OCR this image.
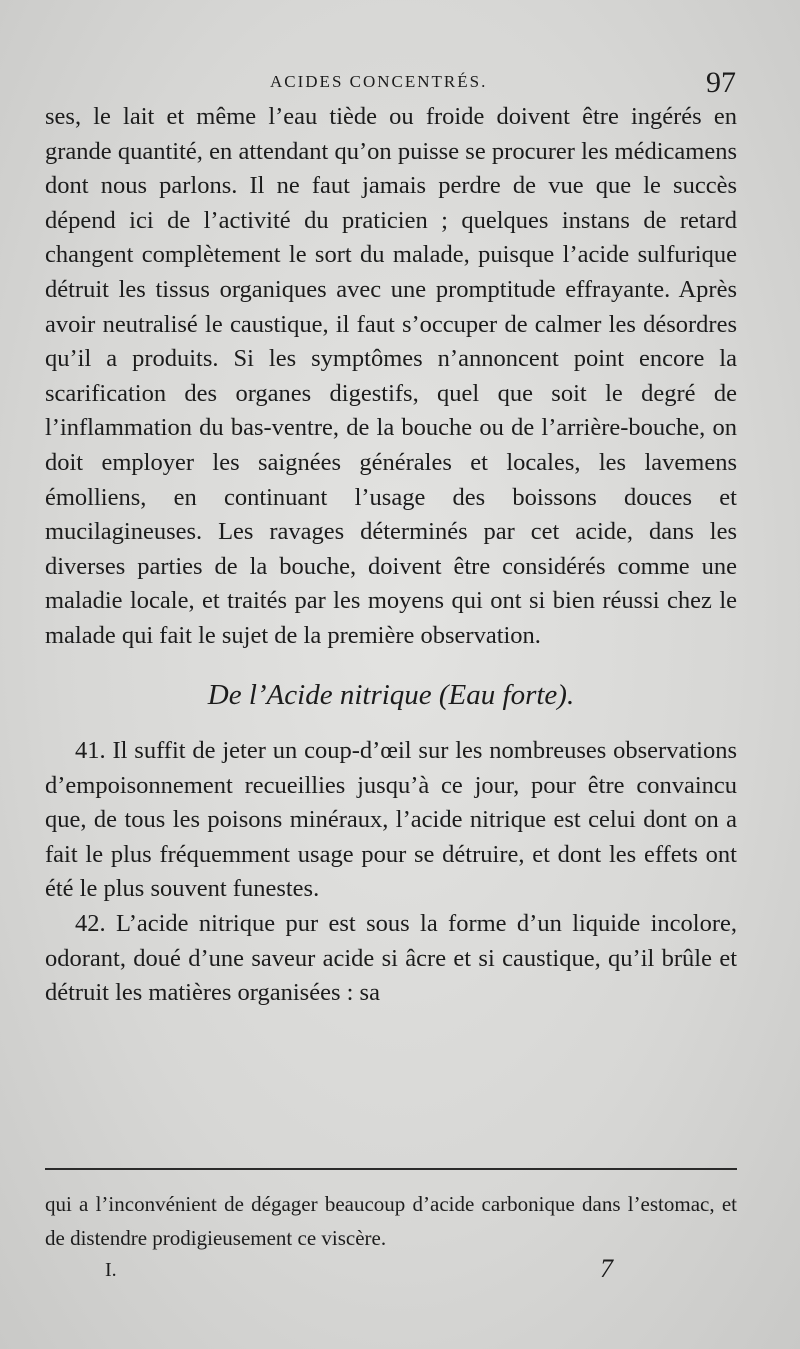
ACIDES CONCENTRÉS.	97

ses, le lait et même l’eau tiède ou froide doivent être ingérés en grande quantité, en attendant qu’on puisse se procurer les médicamens dont nous parlons. Il ne faut jamais perdre de vue que le succès dépend ici de l’activité du praticien ; quelques instans de retard changent complètement le sort du malade, puisque l’acide sulfurique détruit les tissus organiques avec une promptitude effrayante. Après avoir neutralisé le caustique, il faut s’occuper de calmer les désordres qu’il a produits. Si les symptômes n’annoncent point encore la scarification des organes digestifs, quel que soit le degré de l’inflammation du bas-ventre, de la bouche ou de l’arrière-bouche, on doit employer les saignées générales et locales, les lavemens émolliens, en continuant l’usage des boissons douces et mucilagineuses. Les ravages déterminés par cet acide, dans les diverses parties de la bouche, doivent être considérés comme une maladie locale, et traités par les moyens qui ont si bien réussi chez le malade qui fait le sujet de la première observation.

De l’Acide nitrique (Eau forte).

41. Il suffit de jeter un coup-d’œil sur les nombreuses observations d’empoisonnement recueillies jusqu’à ce jour, pour être convaincu que, de tous les poisons minéraux, l’acide nitrique est celui dont on a fait le plus fréquemment usage pour se détruire, et dont les effets ont été le plus souvent funestes.

42. L’acide nitrique pur est sous la forme d’un liquide incolore, odorant, doué d’une saveur acide si âcre et si caustique, qu’il brûle et détruit les matières organisées : sa

qui a l’inconvénient de dégager beaucoup d’acide carbonique dans l’estomac, et de distendre prodigieusement ce viscère.

I.	7
